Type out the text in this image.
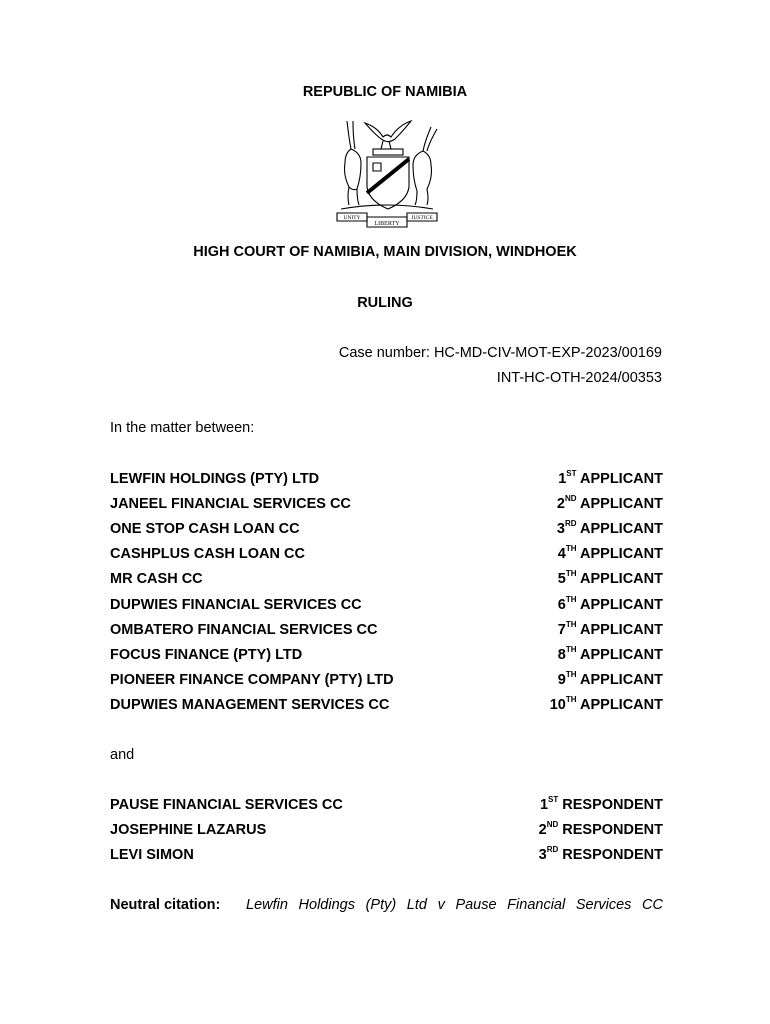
REPUBLIC OF NAMIBIA
UNITY
LIBERTY
JUSTICE
HIGH COURT OF NAMIBIA, MAIN DIVISION, WINDHOEK
RULING
Case number: HC-MD-CIV-MOT-EXP-2023/00169
INT-HC-OTH-2024/00353
In the matter between:
LEWFIN HOLDINGS (PTY) LTD	1ST APPLICANT
JANEEL FINANCIAL SERVICES CC	2ND APPLICANT
ONE STOP CASH LOAN CC	3RD APPLICANT
CASHPLUS CASH LOAN CC	4TH APPLICANT
MR CASH CC	5TH APPLICANT
DUPWIES FINANCIAL SERVICES CC	6TH APPLICANT
OMBATERO FINANCIAL SERVICES CC	7TH APPLICANT
FOCUS FINANCE (PTY) LTD	8TH APPLICANT
PIONEER FINANCE COMPANY (PTY) LTD	9TH APPLICANT
DUPWIES MANAGEMENT SERVICES CC	10TH APPLICANT
and
PAUSE FINANCIAL SERVICES CC	1ST RESPONDENT
JOSEPHINE LAZARUS	2ND RESPONDENT
LEVI SIMON	3RD RESPONDENT
Neutral citation:	Lewfin Holdings (Pty) Ltd v Pause Financial Services CC
